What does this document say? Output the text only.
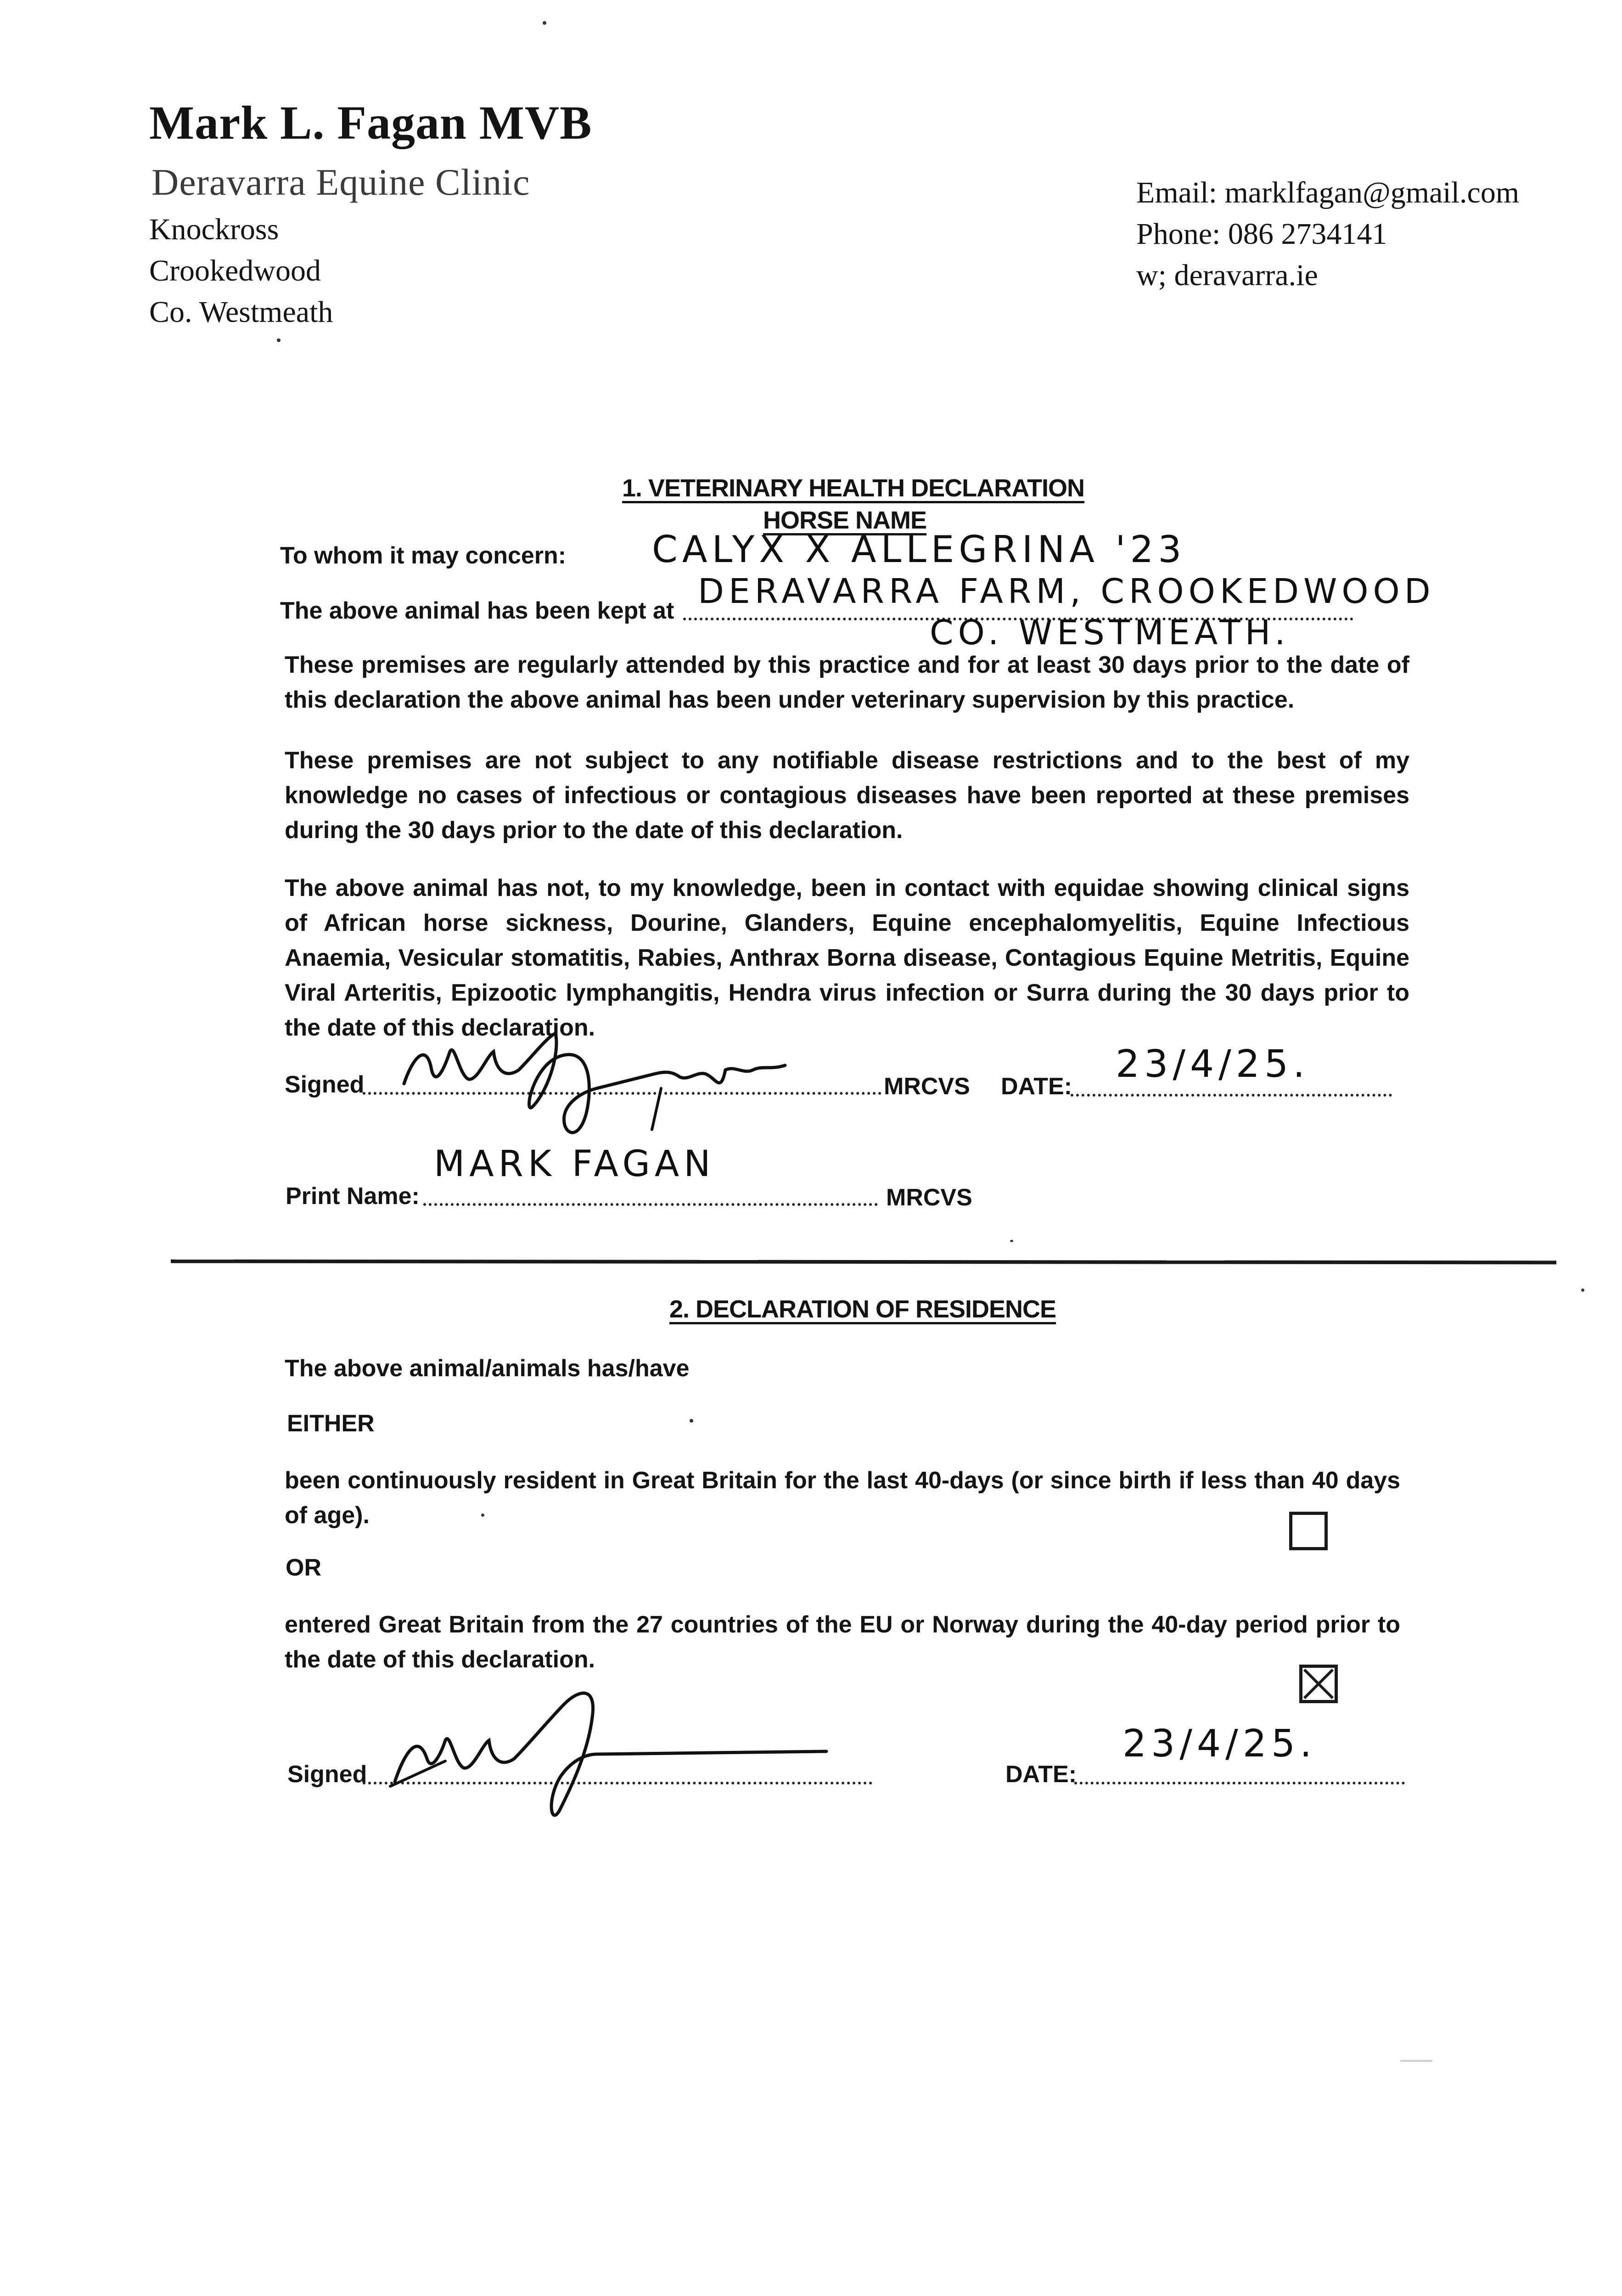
Mark L. Fagan MVB
Deravarra Equine Clinic
Knockross
Crookedwood
Co. Westmeath
Email: marklfagan@gmail.com
Phone: 086 2734141
w; deravarra.ie
1. VETERINARY HEALTH DECLARATION
HORSE NAME
To whom it may concern: CALYX X ALLEGRINA '23
The above animal has been kept at DERAVARRA FARM, CROOKEDWOOD
CO. WESTMEATH.
These premises are regularly attended by this practice and for at least 30 days prior to the date of this declaration the above animal has been under veterinary supervision by this practice.
These premises are not subject to any notifiable disease restrictions and to the best of my knowledge no cases of infectious or contagious diseases have been reported at these premises during the 30 days prior to the date of this declaration.
The above animal has not, to my knowledge, been in contact with equidae showing clinical signs of African horse sickness, Dourine, Glanders, Equine encephalomyelitis, Equine Infectious Anaemia, Vesicular stomatitis, Rabies, Anthrax Borna disease, Contagious Equine Metritis, Equine Viral Arteritis, Epizootic lymphangitis, Hendra virus infection or Surra during the 30 days prior to the date of this declaration.
Signed	MRCVS DATE:
23/4/25.
Print Name:
MARK FAGAN
MRCVS
2. DECLARATION OF RESIDENCE
The above animal/animals has/have
EITHER
been continuously resident in Great Britain for the last 40-days (or since birth if less than 40 days of age).
OR
entered Great Britain from the 27 countries of the EU or Norway during the 40-day period prior to the date of this declaration.
Signed	DATE:
23/4/25.
